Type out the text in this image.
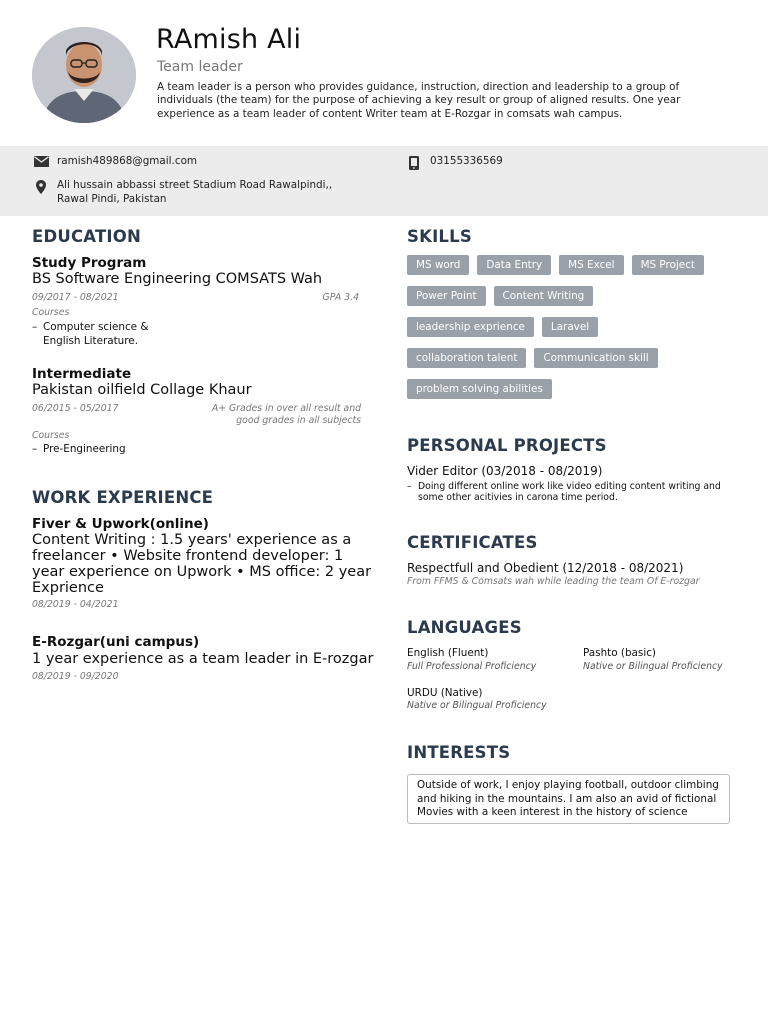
RAmish Ali
Team leader
A team leader is a person who provides guidance, instruction, direction and leadership to a group of individuals (the team) for the purpose of achieving a key result or group of aligned results. One year experience as a team leader of content Writer team at E-Rozgar in comsats wah campus.
ramish489868@gmail.com	03155336569
Ali hussain abbassi street Stadium Road Rawalpindi,,
Rawal Pindi, Pakistan
EDUCATION
Study Program
BS Software Engineering COMSATS Wah
09/2017 - 08/2021	GPA 3.4
Courses
– Computer science &
English Literature.
Intermediate
Pakistan oilfield Collage Khaur
06/2015 - 05/2017	A+ Grades in over all result and
good grades in all subjects
Courses
– Pre-Engineering
WORK EXPERIENCE
Fiver & Upwork(online)
Content Writing : 1.5 years' experience as a
freelancer • Website frontend developer: 1
year experience on Upwork • MS office: 2 year
Exprience
08/2019 - 04/2021
E-Rozgar(uni campus)
1 year experience as a team leader in E-rozgar
08/2019 - 09/2020
SKILLS
MS word	Data Entry	MS Excel	MS Project
Power Point	Content Writing
leadership exprience	Laravel
collaboration talent	Communication skill
problem solving abilities
PERSONAL PROJECTS
Vider Editor (03/2018 - 08/2019)
– Doing different online work like video editing content writing and
some other acitivies in carona time period.
CERTIFICATES
Respectfull and Obedient (12/2018 - 08/2021)
From FFMS & Comsats wah while leading the team Of E-rozgar
LANGUAGES
English (Fluent)
Full Professional Proficiency
Pashto (basic)
Native or Bilingual Proficiency
URDU (Native)
Native or Bilingual Proficiency
INTERESTS
Outside of work, I enjoy playing football, outdoor climbing
and hiking in the mountains. I am also an avid of fictional
Movies with a keen interest in the history of science
